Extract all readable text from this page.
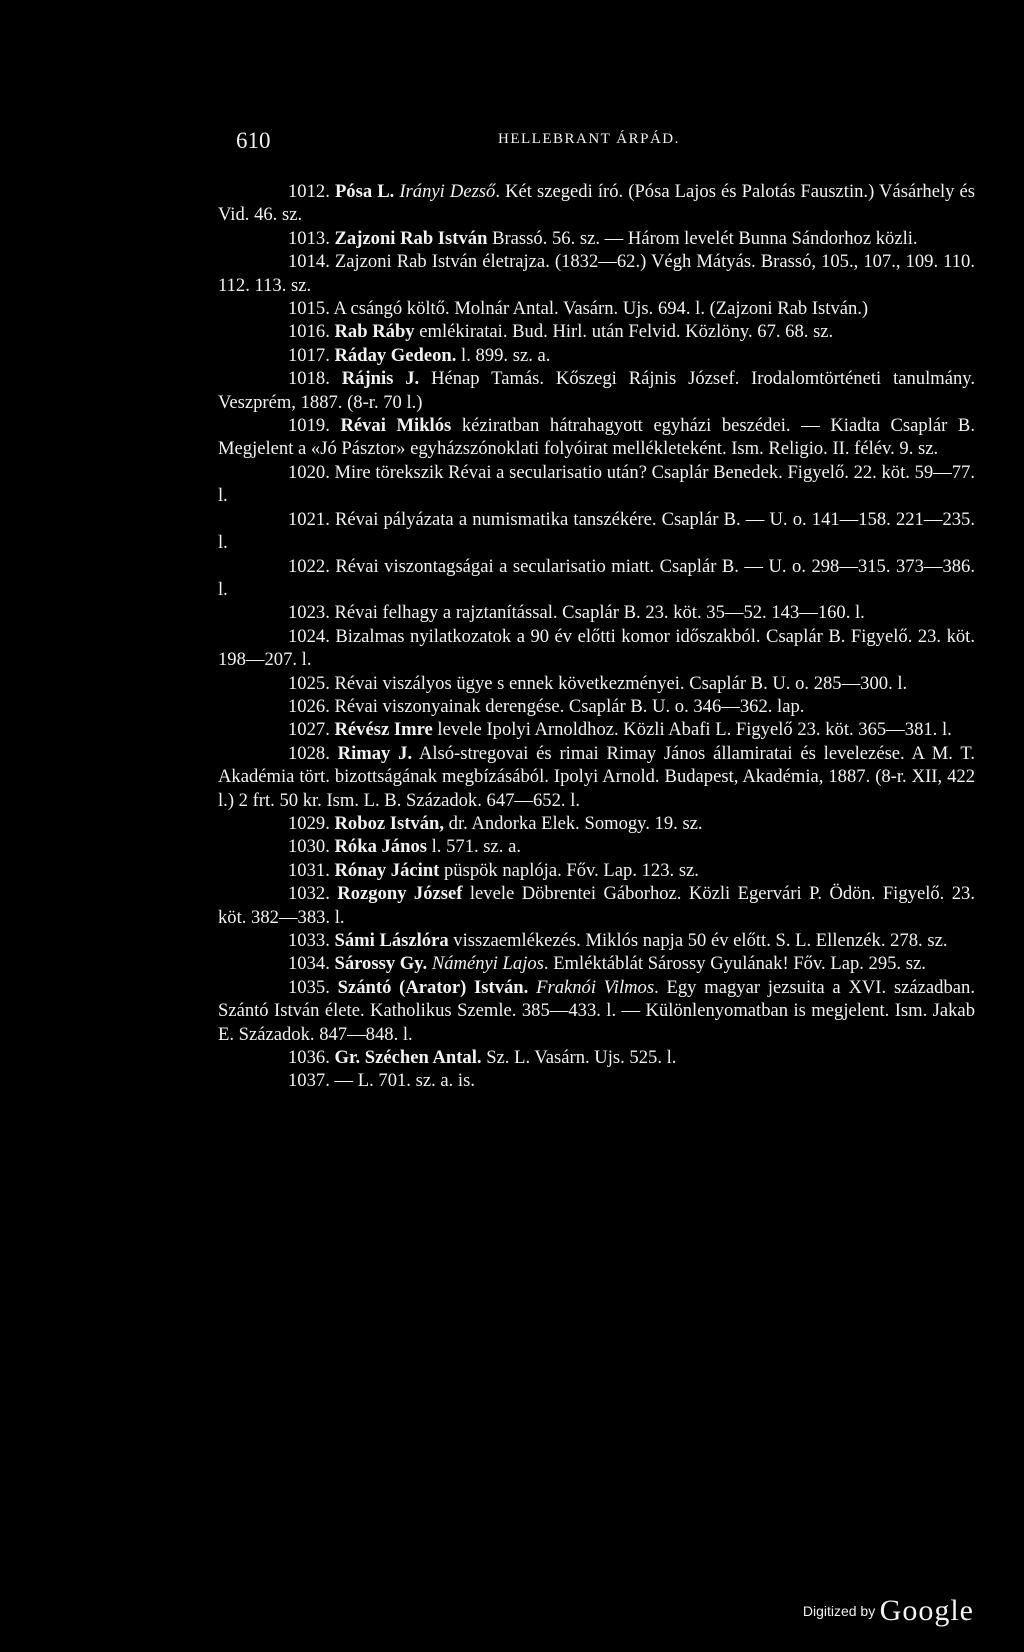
610	HELLEBRANT ÁRPÁD.

1012. Pósa L. Irányi Dezső. Két szegedi író. (Pósa Lajos és Palotás Fausztin.) Vásárhely és Vid. 46. sz.

1013. Zajzoni Rab István Brassó. 56. sz. — Három levelét Bunna Sándorhoz közli.

1014. Zajzoni Rab István életrajza. (1832—62.) Végh Mátyás. Brassó, 105., 107., 109. 110. 112. 113. sz.

1015. A csángó költő. Molnár Antal. Vasárn. Ujs. 694. l. (Zajzoni Rab István.)

1016. Rab Ráby emlékiratai. Bud. Hirl. után Felvid. Közlöny. 67. 68. sz.

1017. Ráday Gedeon. l. 899. sz. a.

1018. Rájnis J. Hénap Tamás. Kőszegi Rájnis József. Irodalomtörténeti tanulmány. Veszprém, 1887. (8-r. 70 l.)

1019. Révai Miklós kéziratban hátrahagyott egyházi beszédei. — Kiadta Csaplár B. Megjelent a «Jó Pásztor» egyházszónoklati folyóirat mellékleteként. Ism. Religio. II. félév. 9. sz.

1020. Mire törekszik Révai a secularisatio után? Csaplár Benedek. Figyelő. 22. köt. 59—77. l.

1021. Révai pályázata a numismatika tanszékére. Csaplár B. — U. o. 141—158. 221—235. l.

1022. Révai viszontagságai a secularisatio miatt. Csaplár B. — U. o. 298—315. 373—386. l.

1023. Révai felhagy a rajztanítással. Csaplár B. 23. köt. 35—52. 143—160. l.

1024. Bizalmas nyilatkozatok a 90 év előtti komor időszakból. Csaplár B. Figyelő. 23. köt. 198—207. l.

1025. Révai viszályos ügye s ennek következményei. Csaplár B. U. o. 285—300. l.

1026. Révai viszonyainak derengése. Csaplár B. U. o. 346—362. lap.

1027. Révész Imre levele Ipolyi Arnoldhoz. Közli Abafi L. Figyelő 23. köt. 365—381. l.

1028. Rimay J. Alsó-stregovai és rimai Rimay János államiratai és levelezése. A M. T. Akadémia tört. bizottságának megbízásából. Ipolyi Arnold. Budapest, Akadémia, 1887. (8-r. XII, 422 l.) 2 frt. 50 kr. Ism. L. B. Századok. 647—652. l.

1029. Roboz István, dr. Andorka Elek. Somogy. 19. sz.

1030. Róka János l. 571. sz. a.

1031. Rónay Jácint püspök naplója. Főv. Lap. 123. sz.

1032. Rozgony József levele Döbrentei Gáborhoz. Közli Egervári P. Ödön. Figyelő. 23. köt. 382—383. l.

1033. Sámi Lászlóra visszaemlékezés. Miklós napja 50 év előtt. S. L. Ellenzék. 278. sz.

1034. Sárossy Gy. Náményi Lajos. Emléktáblát Sárossy Gyulának! Főv. Lap. 295. sz.

1035. Szántó (Arator) István. Fraknói Vilmos. Egy magyar jezsuita a XVI. században. Szántó István élete. Katholikus Szemle. 385—433. l. — Különlenyomatban is megjelent. Ism. Jakab E. Századok. 847—848. l.

1036. Gr. Széchen Antal. Sz. L. Vasárn. Ujs. 525. l.

1037. — L. 701. sz. a. is.

Digitized by Google
